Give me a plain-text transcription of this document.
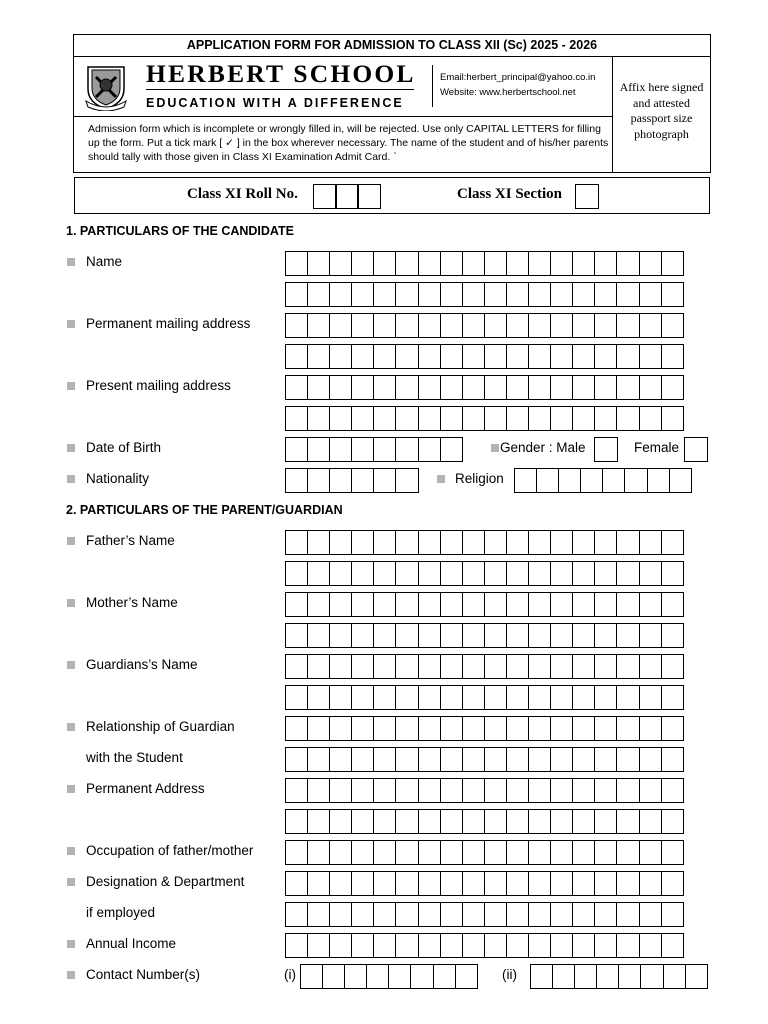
APPLICATION FORM FOR ADMISSION TO CLASS XII (Sc) 2025 - 2026
HERBERT SCHOOL
EDUCATION WITH A DIFFERENCE
Email:herbert_principal@yahoo.co.in
Website: www.herbertschool.net	Affix here signed and attested passport size photograph
Admission form which is incomplete or wrongly filled in, will be rejected. Use only CAPITAL LETTERS for filling up the form. Put a tick mark [ ✓ ] in the box wherever necessary. The name of the student and of his/her parents should tally with those given in Class XI Examination Admit Card. `
Class XI Roll No.	Class XI Section
1. PARTICULARS OF THE CANDIDATE
Name
Permanent mailing address
Present mailing address
Date of Birth	Gender : Male	Female
Nationality	Religion
2. PARTICULARS OF THE PARENT/GUARDIAN
Father’s Name
Mother’s Name
Guardians’s Name
Relationship of Guardian
with the Student
Permanent Address
Occupation of father/mother
Designation & Department
if employed
Annual Income
Contact Number(s)	(i)	(ii)
